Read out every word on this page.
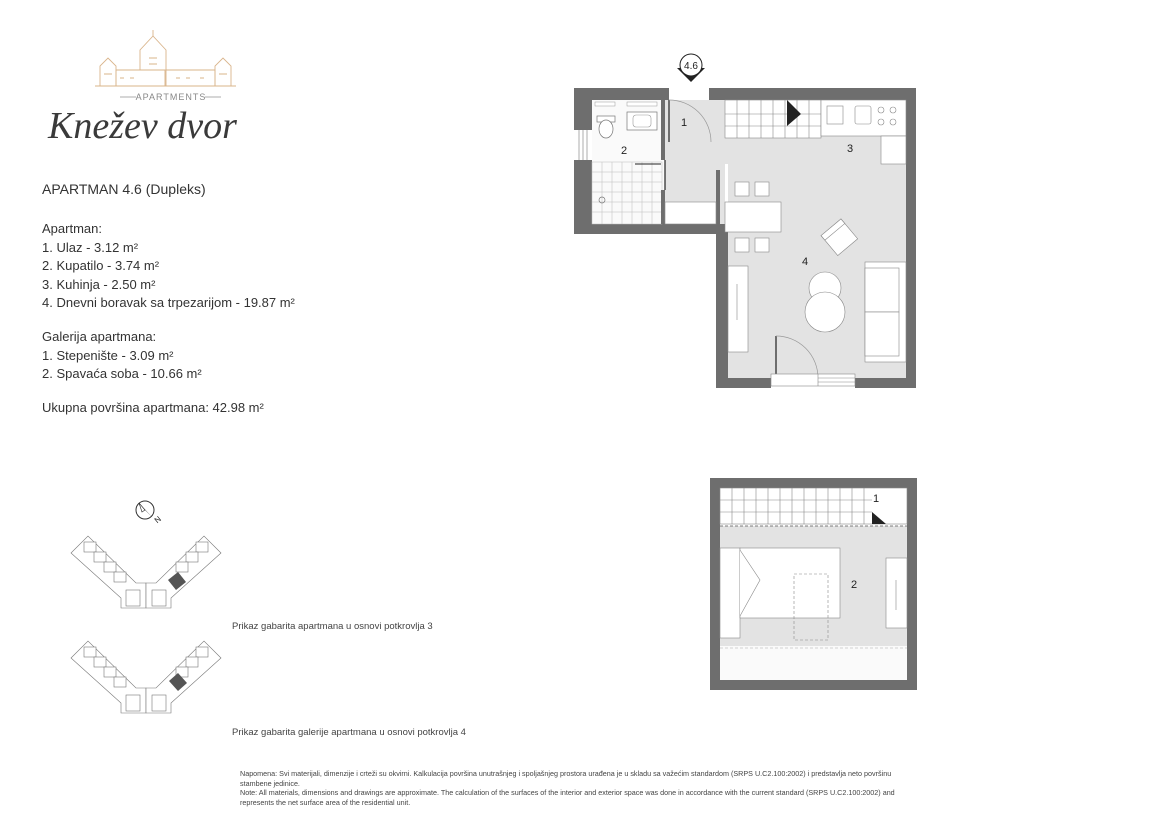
APARTMENTS
Knežev dvor
APARTMAN 4.6 (Dupleks)
Apartman:
1. Ulaz - 3.12 m²
2. Kupatilo - 3.74 m²
3. Kuhinja - 2.50 m²
4. Dnevni boravak sa trpezarijom - 19.87 m²
Galerija apartmana:
1. Stepenište - 3.09 m²
2. Spavaća soba - 10.66 m²
Ukupna površina apartmana: 42.98 m²
N
Prikaz gabarita apartmana u osnovi potkrovlja 3
Prikaz gabarita galerije apartmana u osnovi potkrovlja 4
4.6
1
2	3
4
1
2
Napomena: Svi materijali, dimenzije i crteži su okvirni. Kalkulacija površina unutrašnjeg i spoljašnjeg prostora urađena je u skladu sa važećim standardom (SRPS U.C2.100:2002) i predstavlja neto površinu stambene jedinice.
Note: All materials, dimensions and drawings are approximate. The calculation of the surfaces of the interior and exterior space was done in accordance with the current standard (SRPS U.C2.100:2002) and represents the net surface area of the residential unit.
